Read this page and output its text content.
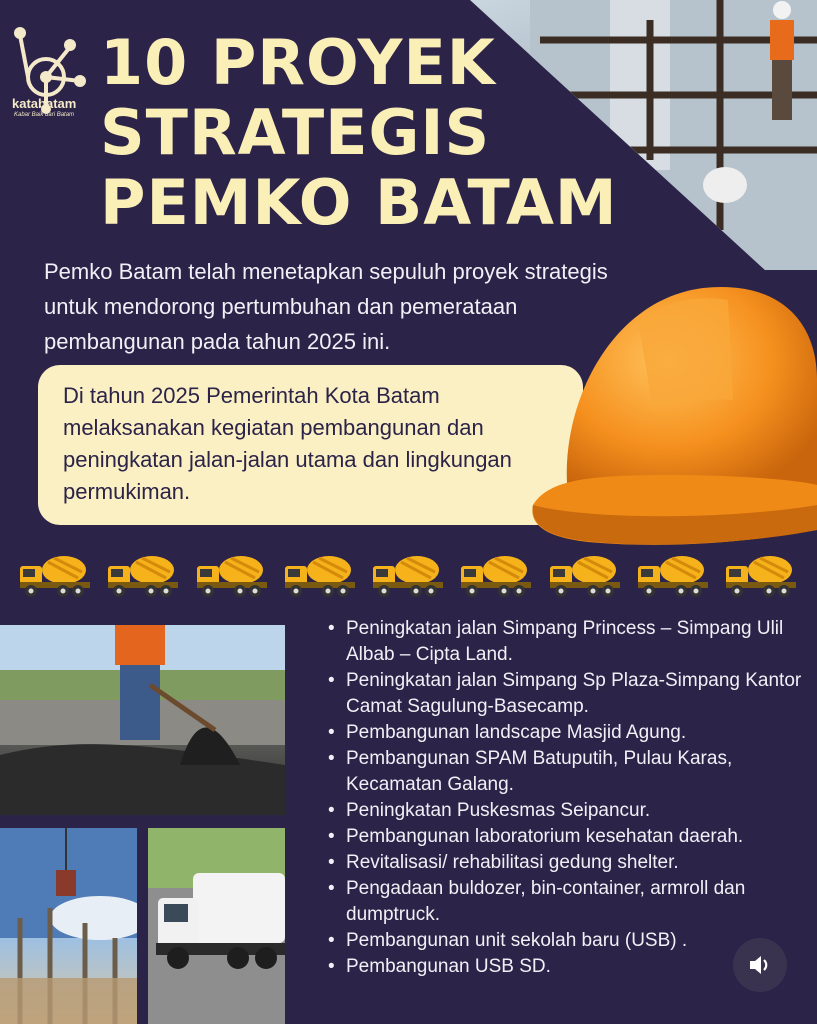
katabatam
Kabar Baik dari Batam
10 PROYEK
STRATEGIS
PEMKO BATAM
Pemko Batam telah menetapkan sepuluh proyek strategis untuk mendorong pertumbuhan dan pemerataan pembangunan pada tahun 2025 ini.
Di tahun 2025 Pemerintah Kota Batam melaksanakan kegiatan pembangunan dan peningkatan jalan-jalan utama dan lingkungan permukiman.
• Peningkatan jalan Simpang Princess – Simpang Ulil Albab – Cipta Land.
• Peningkatan jalan Simpang Sp Plaza-Simpang Kantor Camat Sagulung-Basecamp.
• Pembangunan landscape Masjid Agung.
• Pembangunan SPAM Batuputih, Pulau Karas, Kecamatan Galang.
• Peningkatan Puskesmas Seipancur.
• Pembangunan laboratorium kesehatan daerah.
• Revitalisasi/ rehabilitasi gedung shelter.
• Pengadaan buldozer, bin-container, armroll dan dumptruck.
• Pembangunan unit sekolah baru (USB) .
• Pembangunan USB SD.
